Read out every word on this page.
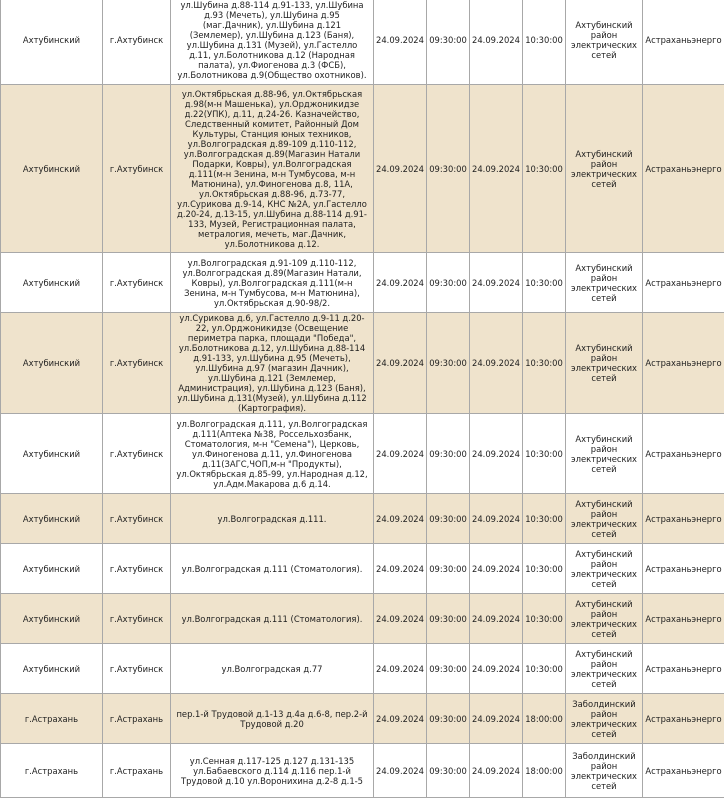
Ахтубинский	г.Ахтубинск	ул.Шубина д.88-114 д.91-133, ул.Шубина д.93 (Мечеть), ул.Шубина д.95 (маг.Дачник), ул.Шубина д.121 (Землемер), ул.Шубина д.123 (Баня), ул.Шубина д.131 (Музей), ул.Гастелло д.11, ул.Болотникова д.12 (Народная палата), ул.Фиогенова д.3 (ФСБ), ул.Болотникова д.9(Общество охотников).	24.09.2024	09:30:00	24.09.2024	10:30:00	Ахтубинский район электрических сетей	Астраханьэнерго
Ахтубинский	г.Ахтубинск	ул.Октябрьская д.88-96, ул.Октябрьская д.98(м-н Машенька), ул.Орджоникидзе д.22(УПК), д.11, д.24-26. Казначейство, Следственный комитет, Районный Дом Культуры, Станция юных техников, ул.Волгоградская д.89-109 д.110-112, ул.Волгоградская д.89(Магазин Натали Подарки, Ковры), ул.Волгоградская д.111(м-н Зенина, м-н Тумбусова, м-н Матюнина), ул.Финогенова д.8, 11А, ул.Октябрьская д.88-96, д.73-77, ул.Сурикова д.9-14, КНС №2А, ул.Гастелло д.20-24, д.13-15, ул.Шубина д.88-114 д.91-133, Музей, Регистрационная палата, метралогия, мечеть, маг.Дачник, ул.Болотникова д.12.	24.09.2024	09:30:00	24.09.2024	10:30:00	Ахтубинский район электрических сетей	Астраханьэнерго
Ахтубинский	г.Ахтубинск	ул.Волгоградская д.91-109 д.110-112, ул.Волгоградская д.89(Магазин Натали, Ковры), ул.Волгоградская д.111(м-н Зенина, м-н Тумбусова, м-н Матюнина), ул.Октябрьская д.90-98/2.	24.09.2024	09:30:00	24.09.2024	10:30:00	Ахтубинский район электрических сетей	Астраханьэнерго
Ахтубинский	г.Ахтубинск	ул.Сурикова д.6, ул.Гастелло д.9-11 д.20-22, ул.Орджоникидзе (Освещение периметра парка, площади "Победа", ул.Болотникова д.12, ул.Шубина д.88-114 д.91-133, ул.Шубина д.95 (Мечеть), ул.Шубина д.97 (магазин Дачник), ул.Шубина д.121 (Землемер, Администрация), ул.Шубина д.123 (Баня), ул.Шубина д.131(Музей), ул.Шубина д.112 (Картография).	24.09.2024	09:30:00	24.09.2024	10:30:00	Ахтубинский район электрических сетей	Астраханьэнерго
Ахтубинский	г.Ахтубинск	ул.Волгоградская д.111, ул.Волгоградская д.111(Аптека №38, Россельхозбанк, Стоматология, м-н "Семена"), Церковь, ул.Финогенова д.11, ул.Финогенова д.11(ЗАГС,ЧОП,м-н "Продукты), ул.Октябрьская д.85-99, ул.Народная д.12, ул.Адм.Макарова д.6 д.14.	24.09.2024	09:30:00	24.09.2024	10:30:00	Ахтубинский район электрических сетей	Астраханьэнерго
Ахтубинский	г.Ахтубинск	ул.Волгоградская д.111.	24.09.2024	09:30:00	24.09.2024	10:30:00	Ахтубинский район электрических сетей	Астраханьэнерго
Ахтубинский	г.Ахтубинск	ул.Волгоградская д.111 (Стоматология).	24.09.2024	09:30:00	24.09.2024	10:30:00	Ахтубинский район электрических сетей	Астраханьэнерго
Ахтубинский	г.Ахтубинск	ул.Волгоградская д.111 (Стоматология).	24.09.2024	09:30:00	24.09.2024	10:30:00	Ахтубинский район электрических сетей	Астраханьэнерго
Ахтубинский	г.Ахтубинск	ул.Волгоградская д.77	24.09.2024	09:30:00	24.09.2024	10:30:00	Ахтубинский район электрических сетей	Астраханьэнерго
г.Астрахань	г.Астрахань	пер.1-й Трудовой д.1-13 д.4а д.6-8, пер.2-й Трудовой д.20	24.09.2024	09:30:00	24.09.2024	18:00:00	Заболдинский район электрических сетей	Астраханьэнерго
г.Астрахань	г.Астрахань	ул.Сенная д.117-125 д.127 д.131-135 ул.Бабаевского д.114 д.116 пер.1-й Трудовой д.10 ул.Воронихина д.2-8 д.1-5	24.09.2024	09:30:00	24.09.2024	18:00:00	Заболдинский район электрических сетей	Астраханьэнерго
